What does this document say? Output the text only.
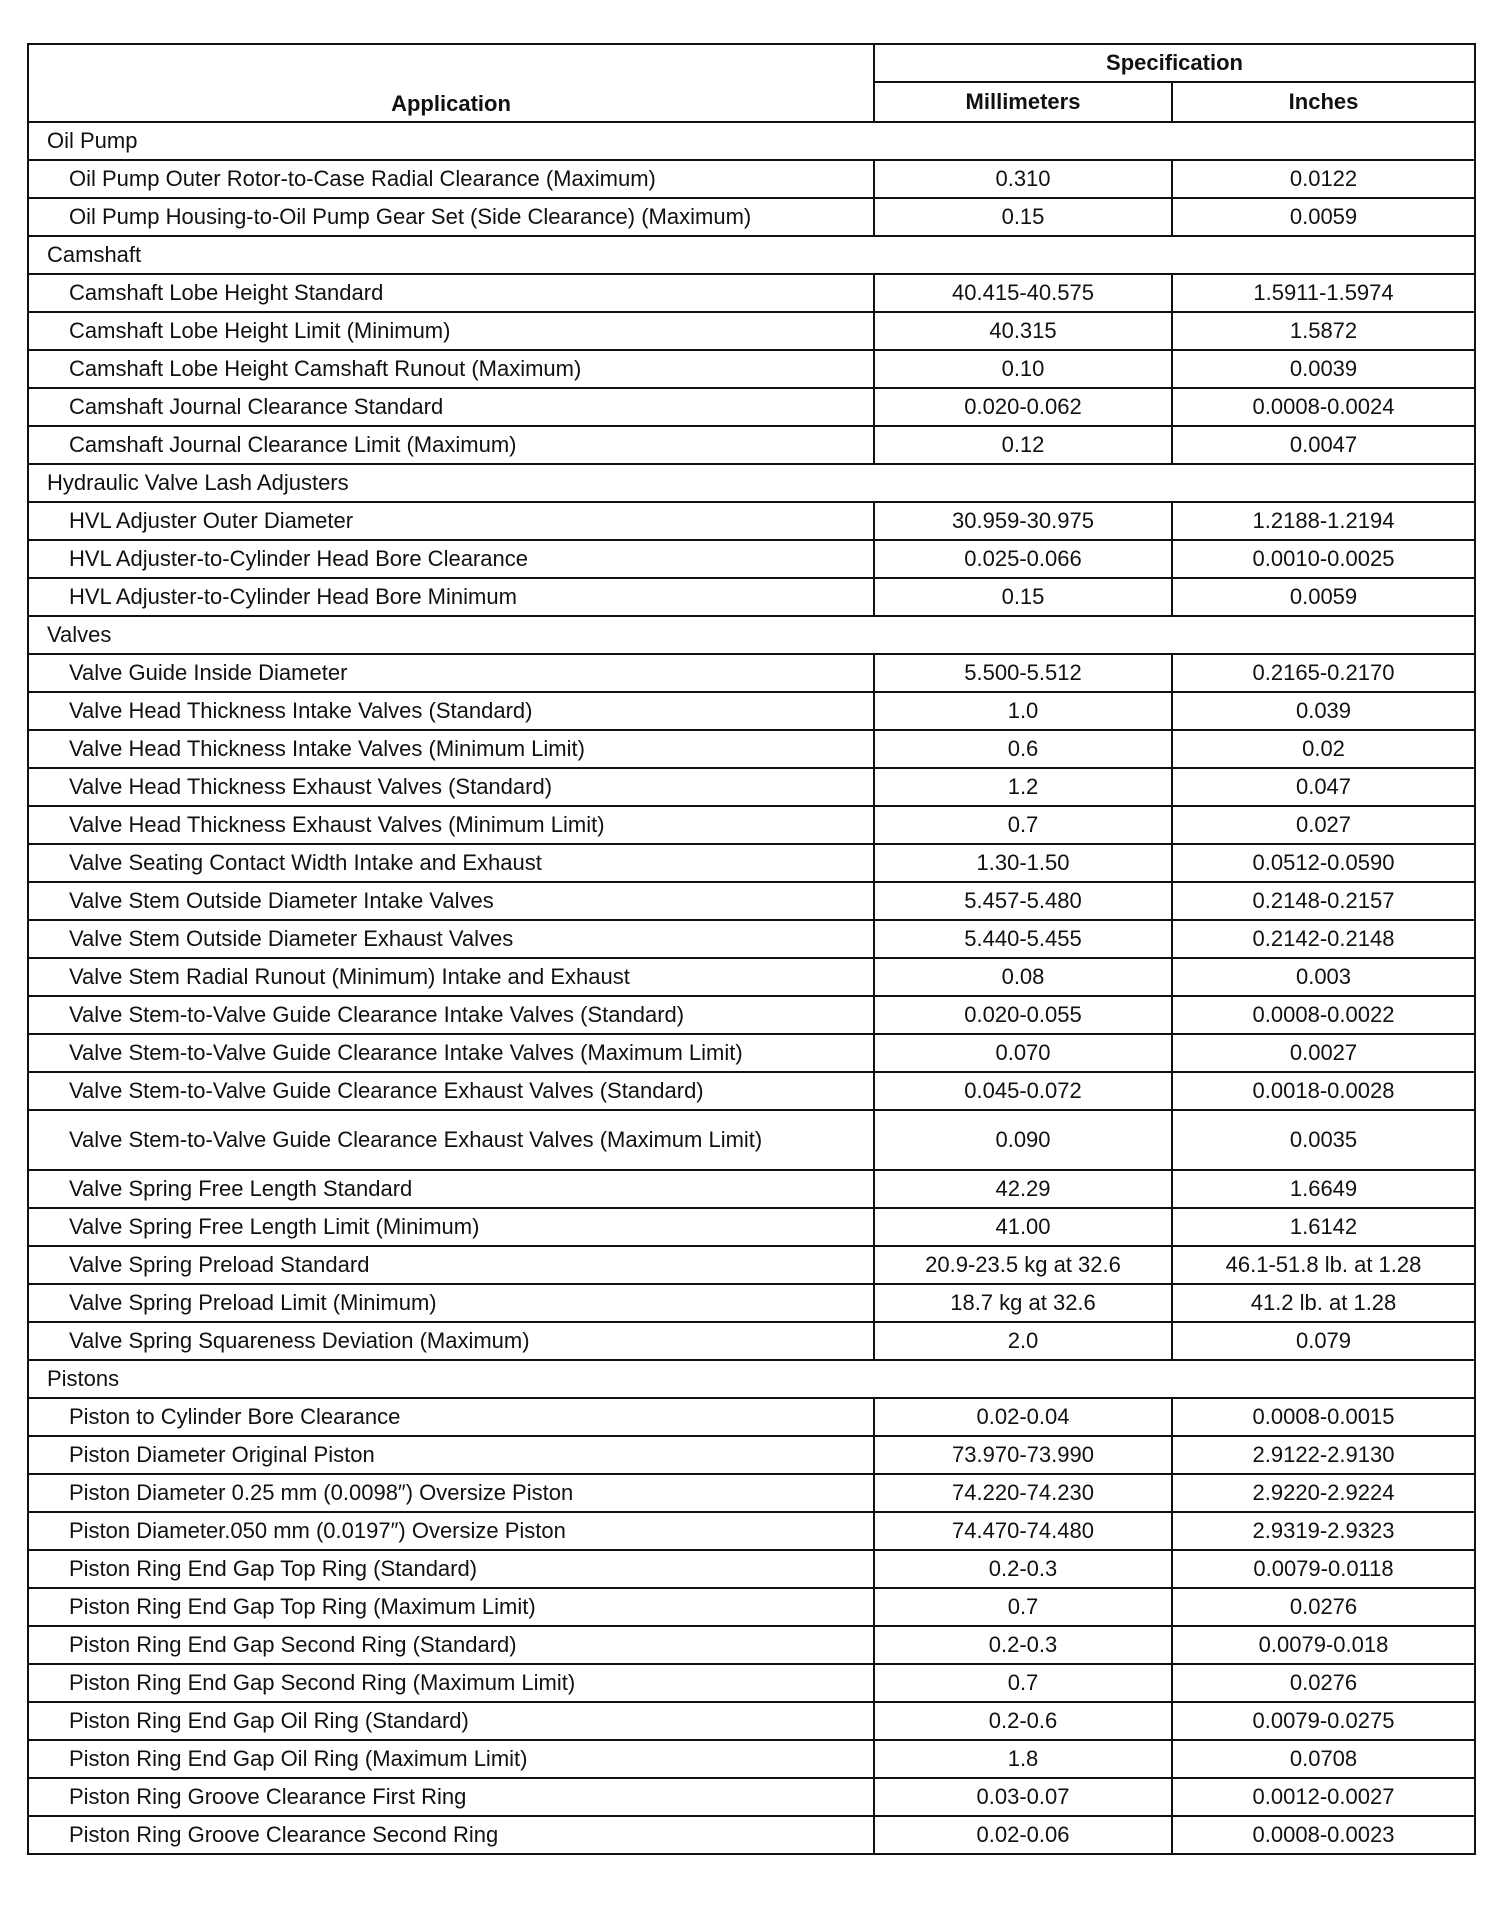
Application	Specification	
	Millimeters	Inches
Oil Pump		
Oil Pump Outer Rotor-to-Case Radial Clearance (Maximum)	0.310	0.0122
Oil Pump Housing-to-Oil Pump Gear Set (Side Clearance) (Maximum)	0.15	0.0059
Camshaft		
Camshaft Lobe Height Standard	40.415-40.575	1.5911-1.5974
Camshaft Lobe Height Limit (Minimum)	40.315	1.5872
Camshaft Lobe Height Camshaft Runout (Maximum)	0.10	0.0039
Camshaft Journal Clearance Standard	0.020-0.062	0.0008-0.0024
Camshaft Journal Clearance Limit (Maximum)	0.12	0.0047
Hydraulic Valve Lash Adjusters		
HVL Adjuster Outer Diameter	30.959-30.975	1.2188-1.2194
HVL Adjuster-to-Cylinder Head Bore Clearance	0.025-0.066	0.0010-0.0025
HVL Adjuster-to-Cylinder Head Bore Minimum	0.15	0.0059
Valves		
Valve Guide Inside Diameter	5.500-5.512	0.2165-0.2170
Valve Head Thickness Intake Valves (Standard)	1.0	0.039
Valve Head Thickness Intake Valves (Minimum Limit)	0.6	0.02
Valve Head Thickness Exhaust Valves (Standard)	1.2	0.047
Valve Head Thickness Exhaust Valves (Minimum Limit)	0.7	0.027
Valve Seating Contact Width Intake and Exhaust	1.30-1.50	0.0512-0.0590
Valve Stem Outside Diameter Intake Valves	5.457-5.480	0.2148-0.2157
Valve Stem Outside Diameter Exhaust Valves	5.440-5.455	0.2142-0.2148
Valve Stem Radial Runout (Minimum) Intake and Exhaust	0.08	0.003
Valve Stem-to-Valve Guide Clearance Intake Valves (Standard)	0.020-0.055	0.0008-0.0022
Valve Stem-to-Valve Guide Clearance Intake Valves (Maximum Limit)	0.070	0.0027
Valve Stem-to-Valve Guide Clearance Exhaust Valves (Standard)	0.045-0.072	0.0018-0.0028
Valve Stem-to-Valve Guide Clearance Exhaust Valves (Maximum Limit)	0.090	0.0035
Valve Spring Free Length Standard	42.29	1.6649
Valve Spring Free Length Limit (Minimum)	41.00	1.6142
Valve Spring Preload Standard	20.9-23.5 kg at 32.6	46.1-51.8 lb. at 1.28
Valve Spring Preload Limit (Minimum)	18.7 kg at 32.6	41.2 lb. at 1.28
Valve Spring Squareness Deviation (Maximum)	2.0	0.079
Pistons		
Piston to Cylinder Bore Clearance	0.02-0.04	0.0008-0.0015
Piston Diameter Original Piston	73.970-73.990	2.9122-2.9130
Piston Diameter 0.25 mm (0.0098″) Oversize Piston	74.220-74.230	2.9220-2.9224
Piston Diameter.050 mm (0.0197″) Oversize Piston	74.470-74.480	2.9319-2.9323
Piston Ring End Gap Top Ring (Standard)	0.2-0.3	0.0079-0.0118
Piston Ring End Gap Top Ring (Maximum Limit)	0.7	0.0276
Piston Ring End Gap Second Ring (Standard)	0.2-0.3	0.0079-0.018
Piston Ring End Gap Second Ring (Maximum Limit)	0.7	0.0276
Piston Ring End Gap Oil Ring (Standard)	0.2-0.6	0.0079-0.0275
Piston Ring End Gap Oil Ring (Maximum Limit)	1.8	0.0708
Piston Ring Groove Clearance First Ring	0.03-0.07	0.0012-0.0027
Piston Ring Groove Clearance Second Ring	0.02-0.06	0.0008-0.0023
